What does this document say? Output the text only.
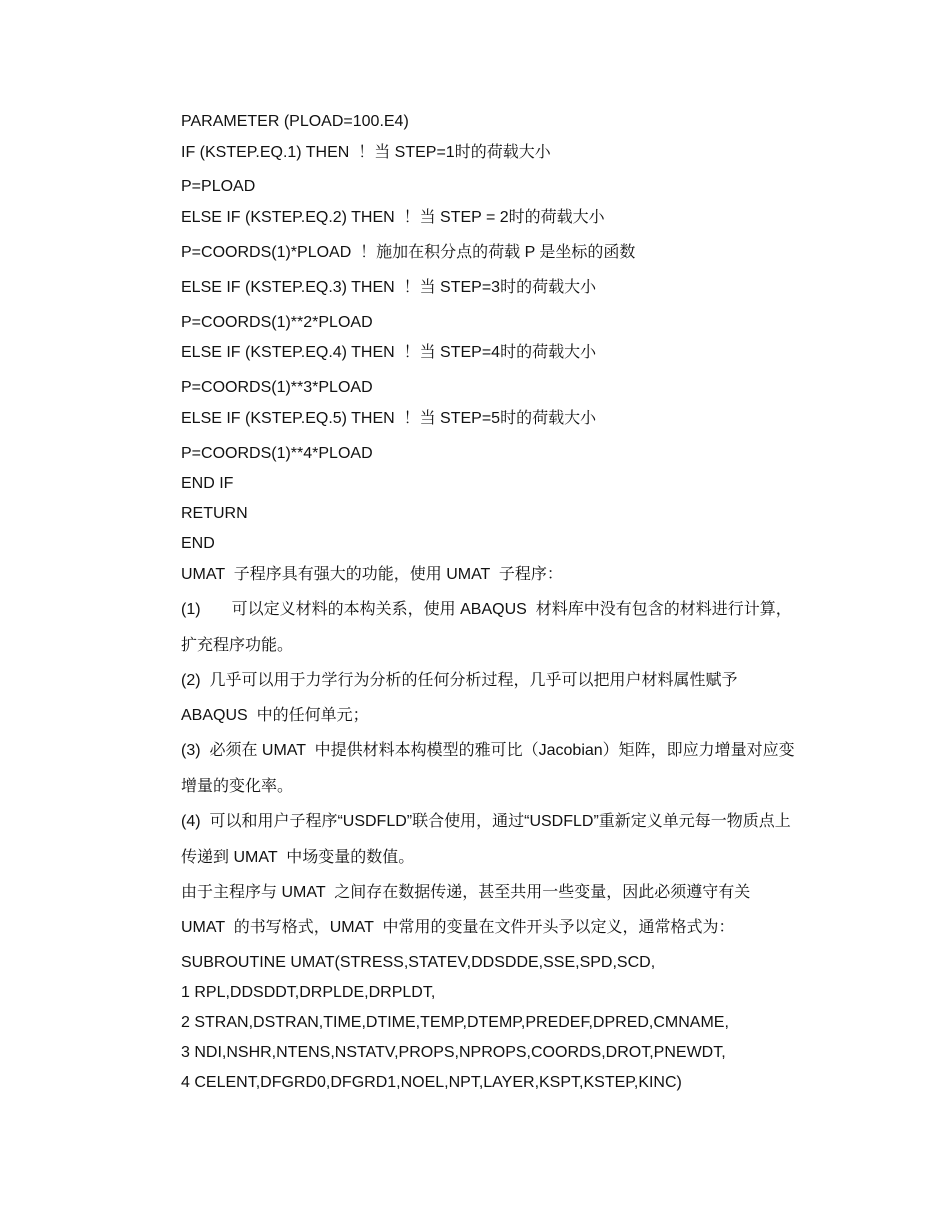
PARAMETER (PLOAD=100.E4)
IF (KSTEP.EQ.1) THEN  ！当 STEP=1时的荷载大小
P=PLOAD
ELSE IF (KSTEP.EQ.2) THEN  ！当 STEP = 2时的荷载大小
P=COORDS(1)*PLOAD  ！施加在积分点的荷载 P 是坐标的函数
ELSE IF (KSTEP.EQ.3) THEN  ！当 STEP=3时的荷载大小
P=COORDS(1)**2*PLOAD
ELSE IF (KSTEP.EQ.4) THEN  ！当 STEP=4时的荷载大小
P=COORDS(1)**3*PLOAD
ELSE IF (KSTEP.EQ.5) THEN  ！当 STEP=5时的荷载大小
P=COORDS(1)**4*PLOAD
END IF
RETURN
END
UMAT  子程序具有强大的功能，使用 UMAT  子程序：
(1)       可以定义材料的本构关系，使用 ABAQUS  材料库中没有包含的材料进行计算，
扩充程序功能。
(2)  几乎可以用于力学行为分析的任何分析过程，几乎可以把用户材料属性赋予
ABAQUS  中的任何单元；
(3)  必须在 UMAT  中提供材料本构模型的雅可比（Jacobian）矩阵，即应力增量对应变
增量的变化率。
(4)  可以和用户子程序“USDFLD”联合使用，通过“USDFLD”重新定义单元每一物质点上
传递到 UMAT  中场变量的数值。
由于主程序与 UMAT  之间存在数据传递，甚至共用一些变量，因此必须遵守有关
UMAT  的书写格式，UMAT  中常用的变量在文件开头予以定义，通常格式为：
SUBROUTINE UMAT(STRESS,STATEV,DDSDDE,SSE,SPD,SCD,
1 RPL,DDSDDT,DRPLDE,DRPLDT,
2 STRAN,DSTRAN,TIME,DTIME,TEMP,DTEMP,PREDEF,DPRED,CMNAME,
3 NDI,NSHR,NTENS,NSTATV,PROPS,NPROPS,COORDS,DROT,PNEWDT,
4 CELENT,DFGRD0,DFGRD1,NOEL,NPT,LAYER,KSPT,KSTEP,KINC)
